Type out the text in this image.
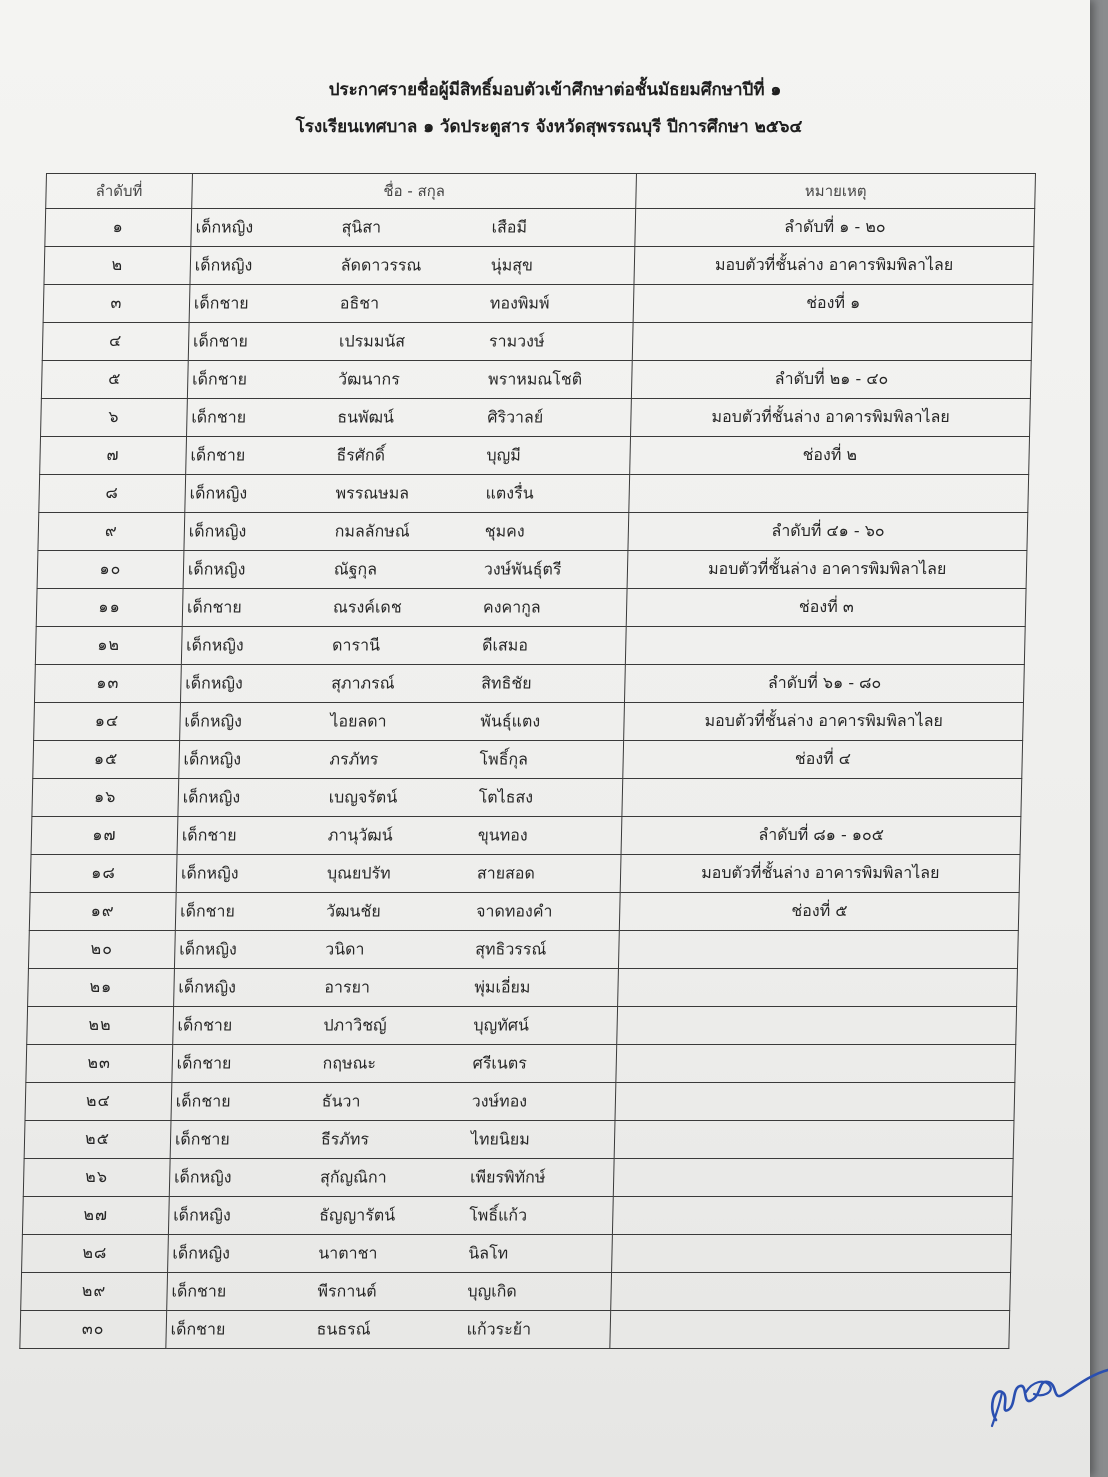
ประกาศรายชื่อผู้มีสิทธิ์มอบตัวเข้าศึกษาต่อชั้นมัธยมศึกษาปีที่ ๑
โรงเรียนเทศบาล ๑ วัดประตูสาร จังหวัดสุพรรณบุรี ปีการศึกษา ๒๕๖๔
ลำดับที่	ชื่อ - สกุล	หมายเหตุ
๑	เด็กหญิง สุนิสา เสือมี	ลำดับที่ ๑ - ๒๐
๒	เด็กหญิง ลัดดาวรรณ นุ่มสุข	มอบตัวที่ชั้นล่าง อาคารพิมพิลาไลย
๓	เด็กชาย อธิชา ทองพิมพ์	ช่องที่ ๑
๔	เด็กชาย เปรมมนัส รามวงษ์	

๕	เด็กชาย วัฒนากร พราหมณโชติ	ลำดับที่ ๒๑ - ๔๐
๖	เด็กชาย ธนพัฒน์ ศิริวาลย์	มอบตัวที่ชั้นล่าง อาคารพิมพิลาไลย
๗	เด็กชาย ธีรศักดิ์ บุญมี	ช่องที่ ๒
๘	เด็กหญิง พรรณษมล แตงรื่น	

๙	เด็กหญิง กมลลักษณ์ ชุมคง	ลำดับที่ ๔๑ - ๖๐
๑๐	เด็กหญิง ณัฐกุล วงษ์พันธุ์ตรี	มอบตัวที่ชั้นล่าง อาคารพิมพิลาไลย
๑๑	เด็กชาย ณรงค์เดช คงคากูล	ช่องที่ ๓
๑๒	เด็กหญิง ดารานี ดีเสมอ	

๑๓	เด็กหญิง สุภาภรณ์ สิทธิชัย	ลำดับที่ ๖๑ - ๘๐
๑๔	เด็กหญิง ไอยลดา พันธุ์แตง	มอบตัวที่ชั้นล่าง อาคารพิมพิลาไลย
๑๕	เด็กหญิง ภรภัทร โพธิ์กุล	ช่องที่ ๔
๑๖	เด็กหญิง เบญจรัตน์ โตไธสง	

๑๗	เด็กชาย ภานุวัฒน์ ขุนทอง	ลำดับที่ ๘๑ - ๑๐๕
๑๘	เด็กหญิง บุณยปรัท สายสอด	มอบตัวที่ชั้นล่าง อาคารพิมพิลาไลย
๑๙	เด็กชาย วัฒนชัย จาดทองคำ	ช่องที่ ๕
๒๐	เด็กหญิง วนิดา สุทธิวรรณ์	

๒๑	เด็กหญิง อารยา พุ่มเอี่ยม	

๒๒	เด็กชาย ปภาวิชญ์ บุญทัศน์	

๒๓	เด็กชาย กฤษณะ ศรีเนตร	

๒๔	เด็กชาย ธันวา วงษ์ทอง	

๒๕	เด็กชาย ธีรภัทร ไทยนิยม	

๒๖	เด็กหญิง สุกัญณิกา เพียรพิทักษ์	

๒๗	เด็กหญิง ธัญญารัตน์ โพธิ์แก้ว	

๒๘	เด็กหญิง นาตาชา นิลโท	

๒๙	เด็กชาย พีรกานต์ บุญเกิด	

๓๐	เด็กชาย ธนธรณ์ แก้วระย้า	
